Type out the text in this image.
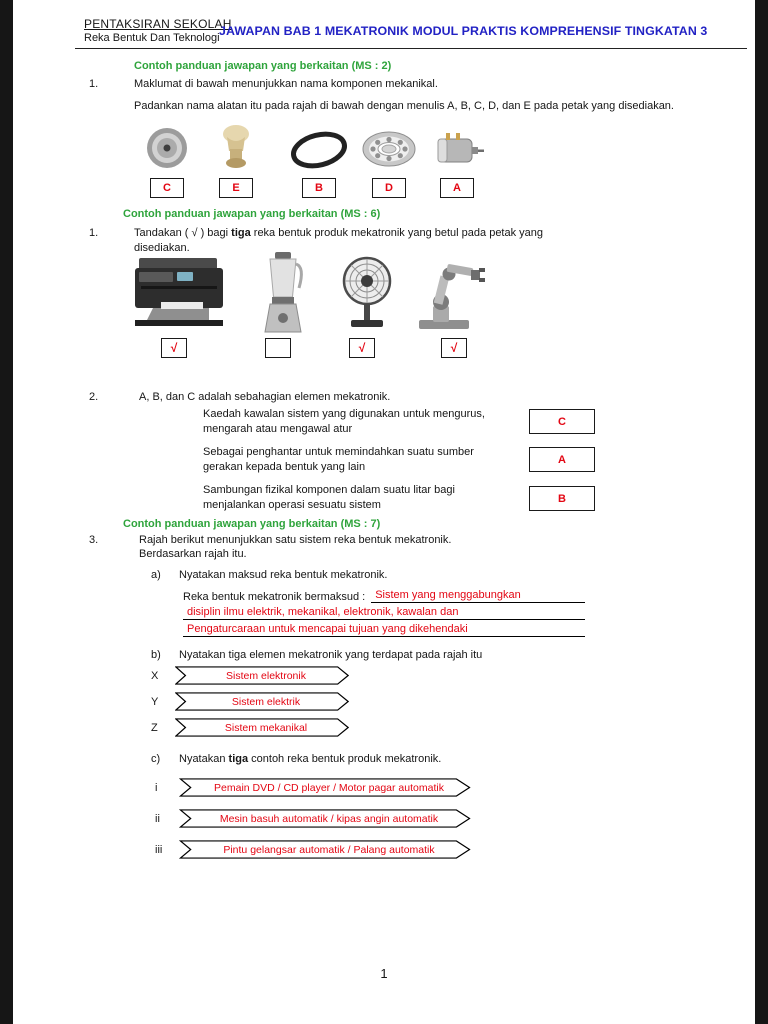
PENTAKSIRAN SEKOLAH
Reka Bentuk Dan Teknologi JAWAPAN BAB 1 MEKATRONIK MODUL PRAKTIS KOMPREHENSIF TINGKATAN 3
Contoh panduan jawapan yang berkaitan (MS : 2)
1.	Maklumat di bawah menunjukkan nama komponen mekanikal.
Padankan nama alatan itu pada rajah di bawah dengan menulis A, B, C, D, dan E pada petak yang disediakan.
C	E	B	D	A
Contoh panduan jawapan yang berkaitan (MS : 6)
1.	Tandakan ( √ ) bagi tiga reka bentuk produk mekatronik yang betul pada petak yang disediakan.
√	√	√
2.	A, B, dan C adalah sebahagian elemen mekatronik.
Kaedah kawalan sistem yang digunakan untuk mengurus, mengarah atau mengawal atur
C
Sebagai penghantar untuk memindahkan suatu sumber gerakan kepada bentuk yang lain
A
Sambungan fizikal komponen dalam suatu litar bagi menjalankan operasi sesuatu sistem
B
Contoh panduan jawapan yang berkaitan (MS : 7)
3.	Rajah berikut menunjukkan satu sistem reka bentuk mekatronik.
Berdasarkan rajah itu.
a) Nyatakan maksud reka bentuk mekatronik.
Reka bentuk mekatronik bermaksud : Sistem yang menggabungkan
disiplin ilmu elektrik, mekanikal, elektronik, kawalan dan
Pengaturcaraan untuk mencapai tujuan yang dikehendaki
b) Nyatakan tiga elemen mekatronik yang terdapat pada rajah itu
X	Sistem elektronik
Y	Sistem elektrik
Z	Sistem mekanikal
c) Nyatakan tiga contoh reka bentuk produk mekatronik.
i	Pemain DVD / CD player / Motor pagar automatik
ii	Mesin basuh automatik / kipas angin automatik
iii	Pintu gelangsar automatik / Palang automatik
1
